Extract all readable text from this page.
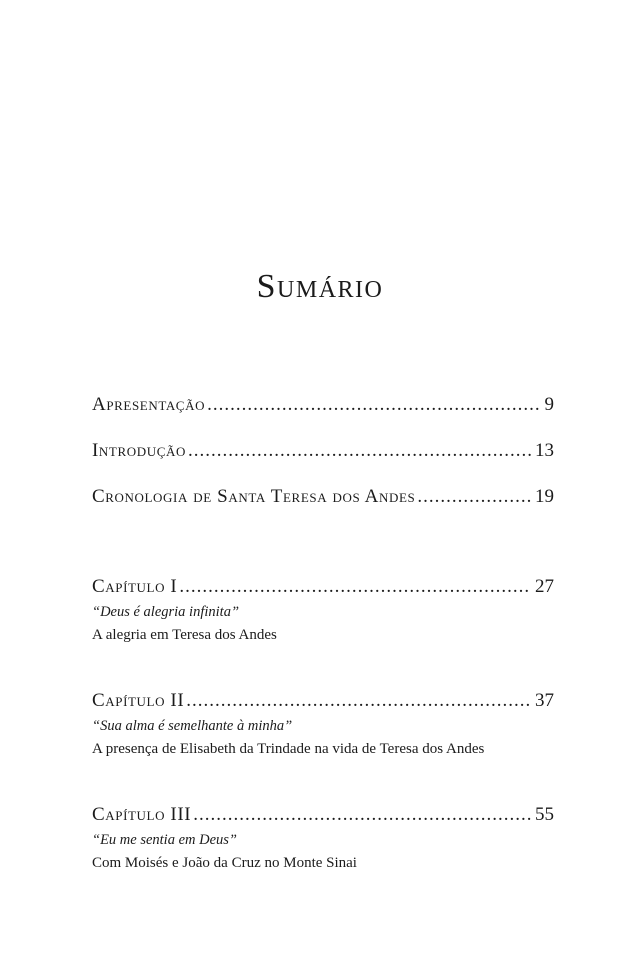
Sumário
Apresentação .....	9
Introdução .....	13
Cronologia de Santa Teresa dos Andes .....	19
Capítulo I .....	27
“Deus é alegria infinita”
A alegria em Teresa dos Andes
Capítulo II .....	37
“Sua alma é semelhante à minha”
A presença de Elisabeth da Trindade na vida de Teresa dos Andes
Capítulo III .....	55
“Eu me sentia em Deus”
Com Moisés e João da Cruz no Monte Sinai
